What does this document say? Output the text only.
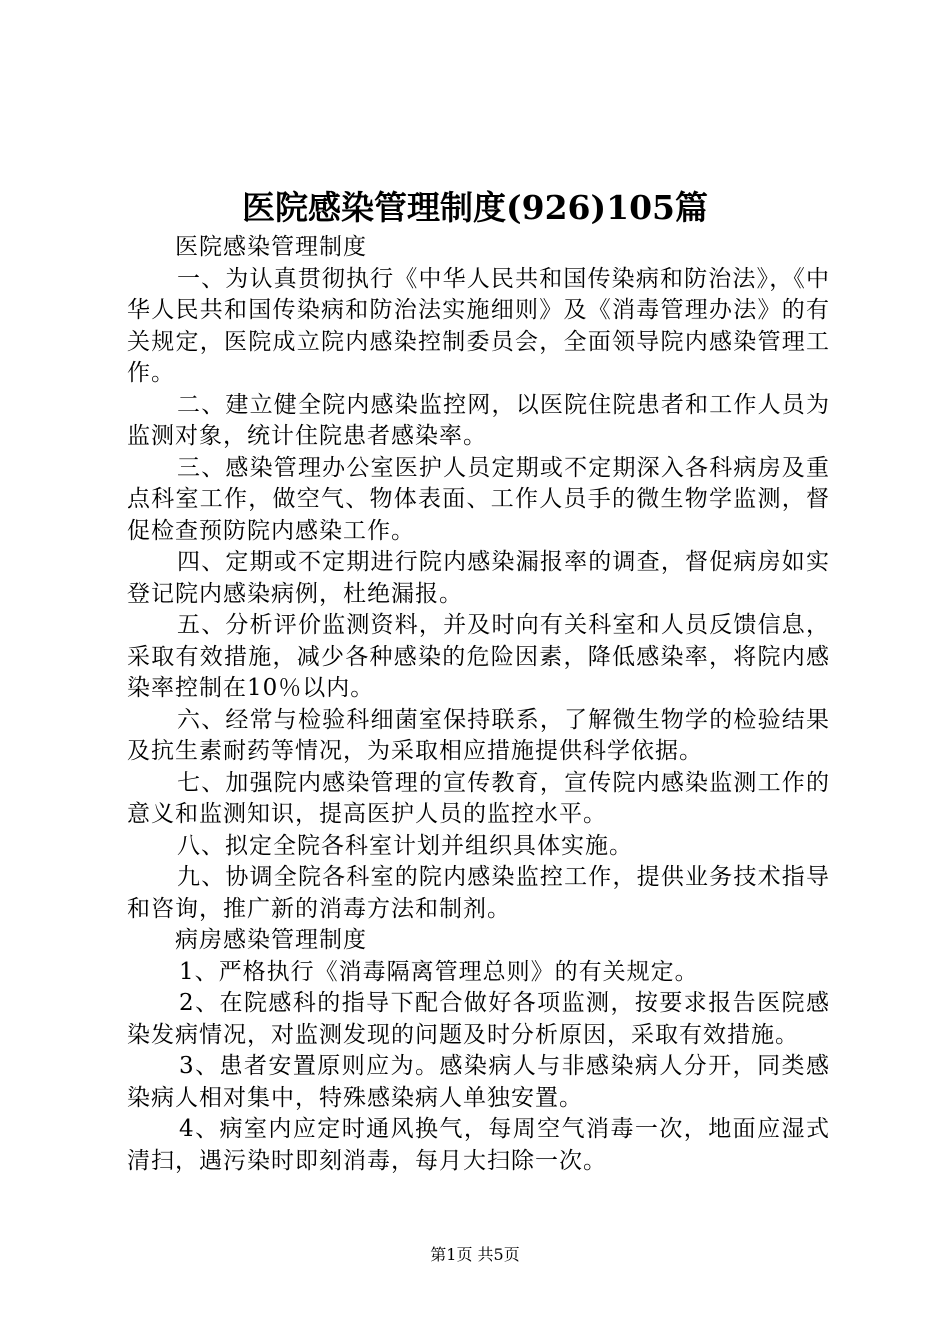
医院感染管理制度(926)105篇

医院感染管理制度

一、为认真贯彻执行《中华人民共和国传染病和防治法》，《中华人民共和国传染病和防治法实施细则》及《消毒管理办法》的有关规定，医院成立院内感染控制委员会，全面领导院内感染管理工作。

二、建立健全院内感染监控网，以医院住院患者和工作人员为监测对象，统计住院患者感染率。

三、感染管理办公室医护人员定期或不定期深入各科病房及重点科室工作，做空气、物体表面、工作人员手的微生物学监测，督促检查预防院内感染工作。

四、定期或不定期进行院内感染漏报率的调查，督促病房如实登记院内感染病例，杜绝漏报。

五、分析评价监测资料，并及时向有关科室和人员反馈信息，采取有效措施，减少各种感染的危险因素，降低感染率，将院内感染率控制在10％以内。

六、经常与检验科细菌室保持联系，了解微生物学的检验结果及抗生素耐药等情况，为采取相应措施提供科学依据。

七、加强院内感染管理的宣传教育，宣传院内感染监测工作的意义和监测知识，提高医护人员的监控水平。

八、拟定全院各科室计划并组织具体实施。

九、协调全院各科室的院内感染监控工作，提供业务技术指导和咨询，推广新的消毒方法和制剂。

病房感染管理制度

1、严格执行《消毒隔离管理总则》的有关规定。

2、在院感科的指导下配合做好各项监测，按要求报告医院感染发病情况，对监测发现的问题及时分析原因，采取有效措施。

3、患者安置原则应为。感染病人与非感染病人分开，同类感染病人相对集中，特殊感染病人单独安置。

4、病室内应定时通风换气，每周空气消毒一次，地面应湿式清扫，遇污染时即刻消毒，每月大扫除一次。

第1页 共5页
